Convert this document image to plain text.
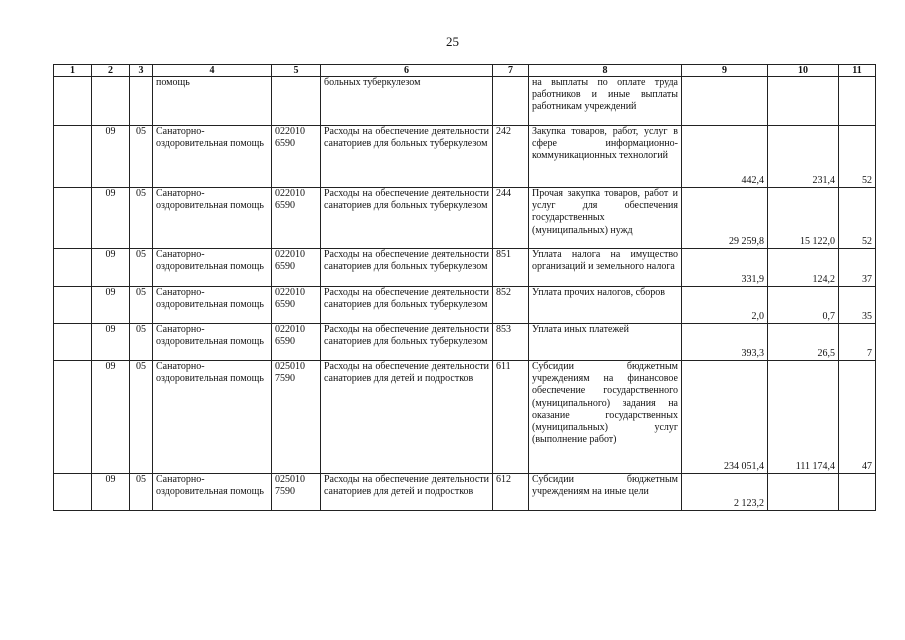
25
1	2	3	4	5	6	7	8	9	10	11
			помощь		больных туберкулезом		на выплаты по оплате труда работников и иные выплаты работникам учреждений			
	09	05	Санаторно-оздоровительная помощь	022010 6590	Расходы на обеспечение деятельности санаториев для больных туберкулезом	242	Закупка товаров, работ, услуг в сфере информационно-коммуникационных технологий	442,4	231,4	52
	09	05	Санаторно-оздоровительная помощь	022010 6590	Расходы на обеспечение деятельности санаториев для больных туберкулезом	244	Прочая закупка товаров, работ и услуг для обеспечения государственных (муниципальных) нужд	29 259,8	15 122,0	52
	09	05	Санаторно-оздоровительная помощь	022010 6590	Расходы на обеспечение деятельности санаториев для больных туберкулезом	851	Уплата налога на имущество организаций и земельного налога	331,9	124,2	37
	09	05	Санаторно-оздоровительная помощь	022010 6590	Расходы на обеспечение деятельности санаториев для больных туберкулезом	852	Уплата прочих налогов, сборов	2,0	0,7	35
	09	05	Санаторно-оздоровительная помощь	022010 6590	Расходы на обеспечение деятельности санаториев для больных туберкулезом	853	Уплата иных платежей	393,3	26,5	7
	09	05	Санаторно-оздоровительная помощь	025010 7590	Расходы на обеспечение деятельности санаториев для детей и подростков	611	Субсидии бюджетным учреждениям на финансовое обеспечение государственного (муниципального) задания на оказание государственных (муниципальных) услуг (выполнение работ)	234 051,4	111 174,4	47
	09	05	Санаторно-оздоровительная помощь	025010 7590	Расходы на обеспечение деятельности санаториев для детей и подростков	612	Субсидии бюджетным учреждениям на иные цели	2 123,2		
